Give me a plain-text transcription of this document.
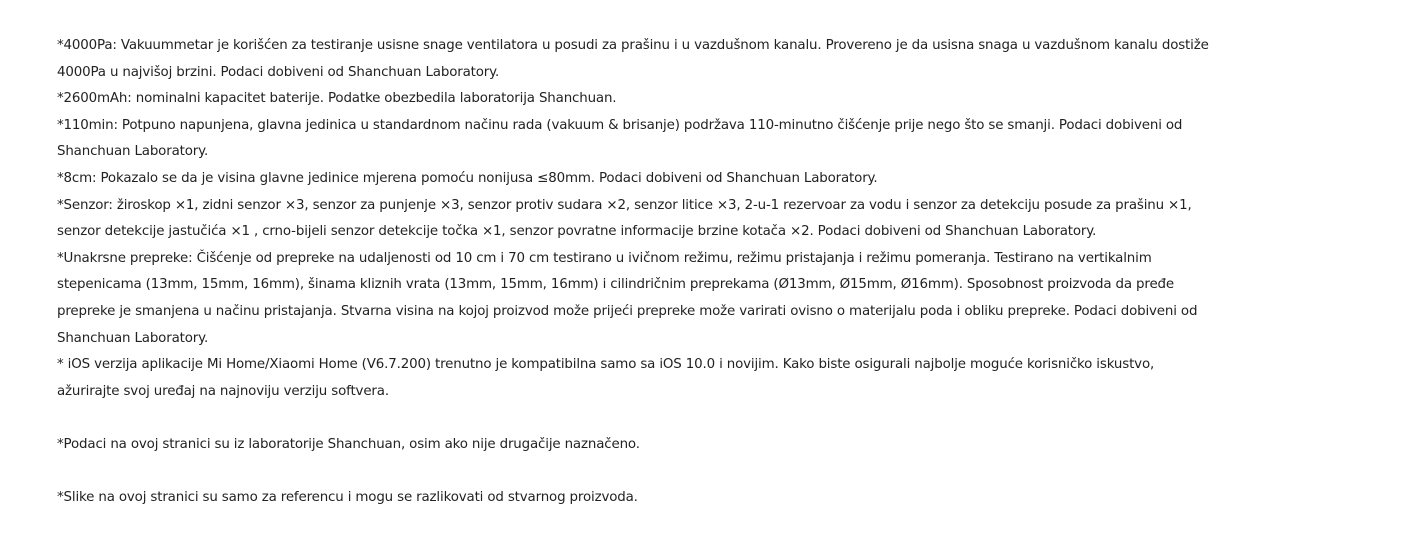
*4000Pa: Vakuummetar je korišćen za testiranje usisne snage ventilatora u posudi za prašinu i u vazdušnom kanalu. Provereno je da usisna snaga u vazdušnom kanalu dostiže 4000Pa u najvišoj brzini. Podaci dobiveni od Shanchuan Laboratory.

*2600mAh: nominalni kapacitet baterije. Podatke obezbedila laboratorija Shanchuan.

*110min: Potpuno napunjena, glavna jedinica u standardnom načinu rada (vakuum & brisanje) podržava 110-minutno čišćenje prije nego što se smanji. Podaci dobiveni od Shanchuan Laboratory.

*8cm: Pokazalo se da je visina glavne jedinice mjerena pomoću nonijusa ≤80mm. Podaci dobiveni od Shanchuan Laboratory.

*Senzor: žiroskop ×1, zidni senzor ×3, senzor za punjenje ×3, senzor protiv sudara ×2, senzor litice ×3, 2-u-1 rezervoar za vodu i senzor za detekciju posude za prašinu ×1, senzor detekcije jastučića ×1 , crno-bijeli senzor detekcije točka ×1, senzor povratne informacije brzine kotača ×2. Podaci dobiveni od Shanchuan Laboratory.

*Unakrsne prepreke: Čišćenje od prepreke na udaljenosti od 10 cm i 70 cm testirano u ivičnom režimu, režimu pristajanja i režimu pomeranja. Testirano na vertikalnim stepenicama (13mm, 15mm, 16mm), šinama kliznih vrata (13mm, 15mm, 16mm) i cilindričnim preprekama (Ø13mm, Ø15mm, Ø16mm). Sposobnost proizvoda da pređe prepreke je smanjena u načinu pristajanja. Stvarna visina na kojoj proizvod može prijeći prepreke može varirati ovisno o materijalu poda i obliku prepreke. Podaci dobiveni od Shanchuan Laboratory.

* iOS verzija aplikacije Mi Home/Xiaomi Home (V6.7.200) trenutno je kompatibilna samo sa iOS 10.0 i novijim. Kako biste osigurali najbolje moguće korisničko iskustvo, ažurirajte svoj uređaj na najnoviju verziju softvera.

*Podaci na ovoj stranici su iz laboratorije Shanchuan, osim ako nije drugačije naznačeno.

*Slike na ovoj stranici su samo za referencu i mogu se razlikovati od stvarnog proizvoda.
